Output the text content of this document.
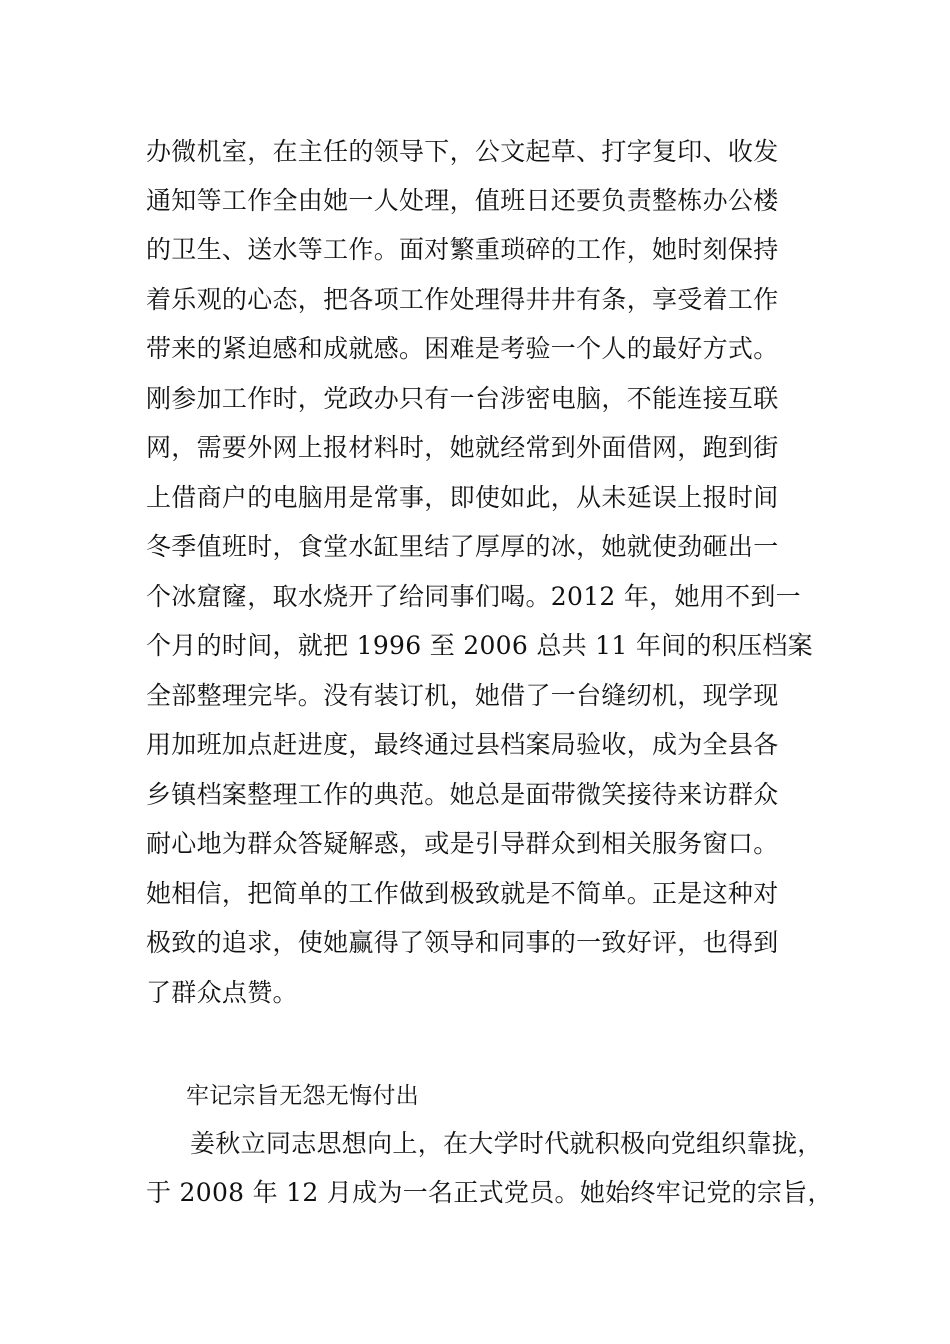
办微机室，在主任的领导下，公文起草、打字复印、收发
通知等工作全由她一人处理，值班日还要负责整栋办公楼
的卫生、送水等工作。面对繁重琐碎的工作，她时刻保持
着乐观的心态，把各项工作处理得井井有条，享受着工作
带来的紧迫感和成就感。困难是考验一个人的最好方式。
刚参加工作时，党政办只有一台涉密电脑，不能连接互联
网，需要外网上报材料时，她就经常到外面借网，跑到街
上借商户的电脑用是常事，即使如此，从未延误上报时间
冬季值班时，食堂水缸里结了厚厚的冰，她就使劲砸出一
个冰窟窿，取水烧开了给同事们喝。2012 年，她用不到一
个月的时间，就把 1996 至 2006 总共 11 年间的积压档案
全部整理完毕。没有装订机，她借了一台缝纫机，现学现
用加班加点赶进度，最终通过县档案局验收，成为全县各
乡镇档案整理工作的典范。她总是面带微笑接待来访群众
耐心地为群众答疑解惑，或是引导群众到相关服务窗口。
她相信，把简单的工作做到极致就是不简单。正是这种对
极致的追求，使她赢得了领导和同事的一致好评，也得到
了群众点赞。
牢记宗旨无怨无悔付出
姜秋立同志思想向上，在大学时代就积极向党组织靠拢，
于 2008 年 12 月成为一名正式党员。她始终牢记党的宗旨，
